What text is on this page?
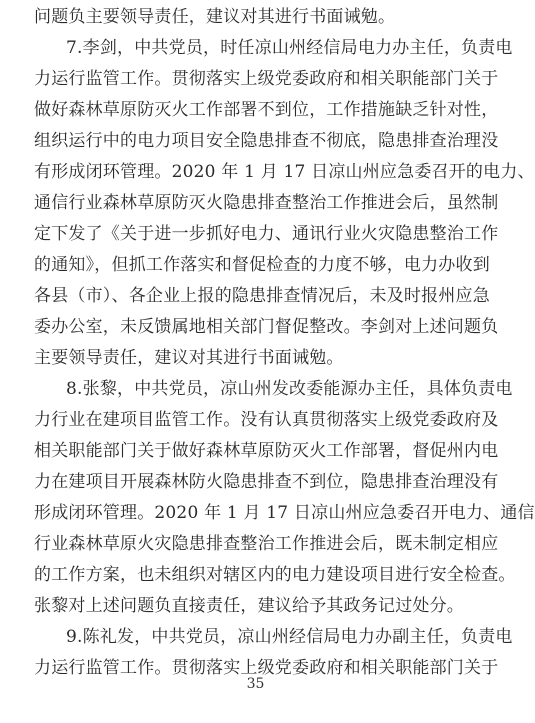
问题负主要领导责任，建议对其进行书面诫勉。
7.李剑，中共党员，时任凉山州经信局电力办主任，负责电
力运行监管工作。贯彻落实上级党委政府和相关职能部门关于
做好森林草原防灭火工作部署不到位，工作措施缺乏针对性，
组织运行中的电力项目安全隐患排查不彻底，隐患排查治理没
有形成闭环管理。2020 年 1 月 17 日凉山州应急委召开的电力、
通信行业森林草原防灭火隐患排查整治工作推进会后，虽然制
定下发了《关于进一步抓好电力、通讯行业火灾隐患整治工作
的通知》，但抓工作落实和督促检查的力度不够，电力办收到
各县（市）、各企业上报的隐患排查情况后，未及时报州应急
委办公室，未反馈属地相关部门督促整改。李剑对上述问题负
主要领导责任，建议对其进行书面诫勉。
8.张黎，中共党员，凉山州发改委能源办主任，具体负责电
力行业在建项目监管工作。没有认真贯彻落实上级党委政府及
相关职能部门关于做好森林草原防灭火工作部署，督促州内电
力在建项目开展森林防火隐患排查不到位，隐患排查治理没有
形成闭环管理。2020 年 1 月 17 日凉山州应急委召开电力、通信
行业森林草原火灾隐患排查整治工作推进会后，既未制定相应
的工作方案，也未组织对辖区内的电力建设项目进行安全检查。
张黎对上述问题负直接责任，建议给予其政务记过处分。
9.陈礼发，中共党员，凉山州经信局电力办副主任，负责电
力运行监管工作。贯彻落实上级党委政府和相关职能部门关于
35
